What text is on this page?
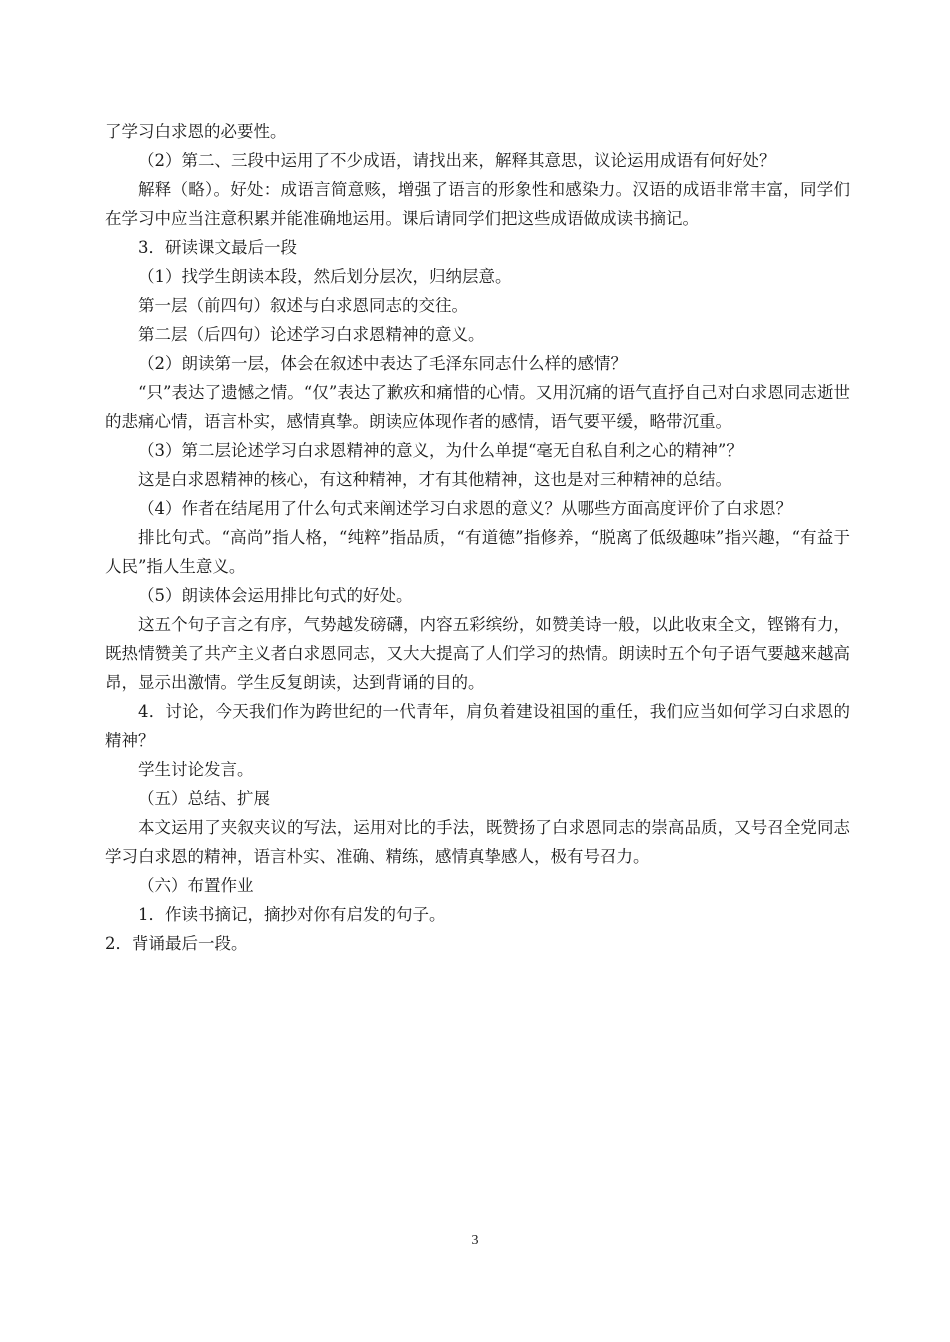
了学习白求恩的必要性。

（2）第二、三段中运用了不少成语，请找出来，解释其意思，议论运用成语有何好处？

解释（略）。好处：成语言简意赅，增强了语言的形象性和感染力。汉语的成语非常丰富，同学们在学习中应当注意积累并能准确地运用。课后请同学们把这些成语做成读书摘记。

3．研读课文最后一段

（1）找学生朗读本段，然后划分层次，归纳层意。

第一层（前四句）叙述与白求恩同志的交往。

第二层（后四句）论述学习白求恩精神的意义。

（2）朗读第一层，体会在叙述中表达了毛泽东同志什么样的感情？

“只”表达了遗憾之情。“仅”表达了歉疚和痛惜的心情。又用沉痛的语气直抒自己对白求恩同志逝世的悲痛心情，语言朴实，感情真挚。朗读应体现作者的感情，语气要平缓，略带沉重。

（3）第二层论述学习白求恩精神的意义，为什么单提“毫无自私自利之心的精神”？

这是白求恩精神的核心，有这种精神，才有其他精神，这也是对三种精神的总结。

（4）作者在结尾用了什么句式来阐述学习白求恩的意义？从哪些方面高度评价了白求恩？

排比句式。“高尚”指人格，“纯粹”指品质，“有道德”指修养，“脱离了低级趣味”指兴趣，“有益于人民”指人生意义。

（5）朗读体会运用排比句式的好处。

这五个句子言之有序，气势越发磅礴，内容五彩缤纷，如赞美诗一般，以此收束全文，铿锵有力，既热情赞美了共产主义者白求恩同志，又大大提高了人们学习的热情。朗读时五个句子语气要越来越高昂，显示出激情。学生反复朗读，达到背诵的目的。

4．讨论，今天我们作为跨世纪的一代青年，肩负着建设祖国的重任，我们应当如何学习白求恩的精神？

学生讨论发言。

（五）总结、扩展

本文运用了夹叙夹议的写法，运用对比的手法，既赞扬了白求恩同志的崇高品质，又号召全党同志学习白求恩的精神，语言朴实、准确、精练，感情真挚感人，极有号召力。

（六）布置作业

1．作读书摘记，摘抄对你有启发的句子。

2．背诵最后一段。

3
